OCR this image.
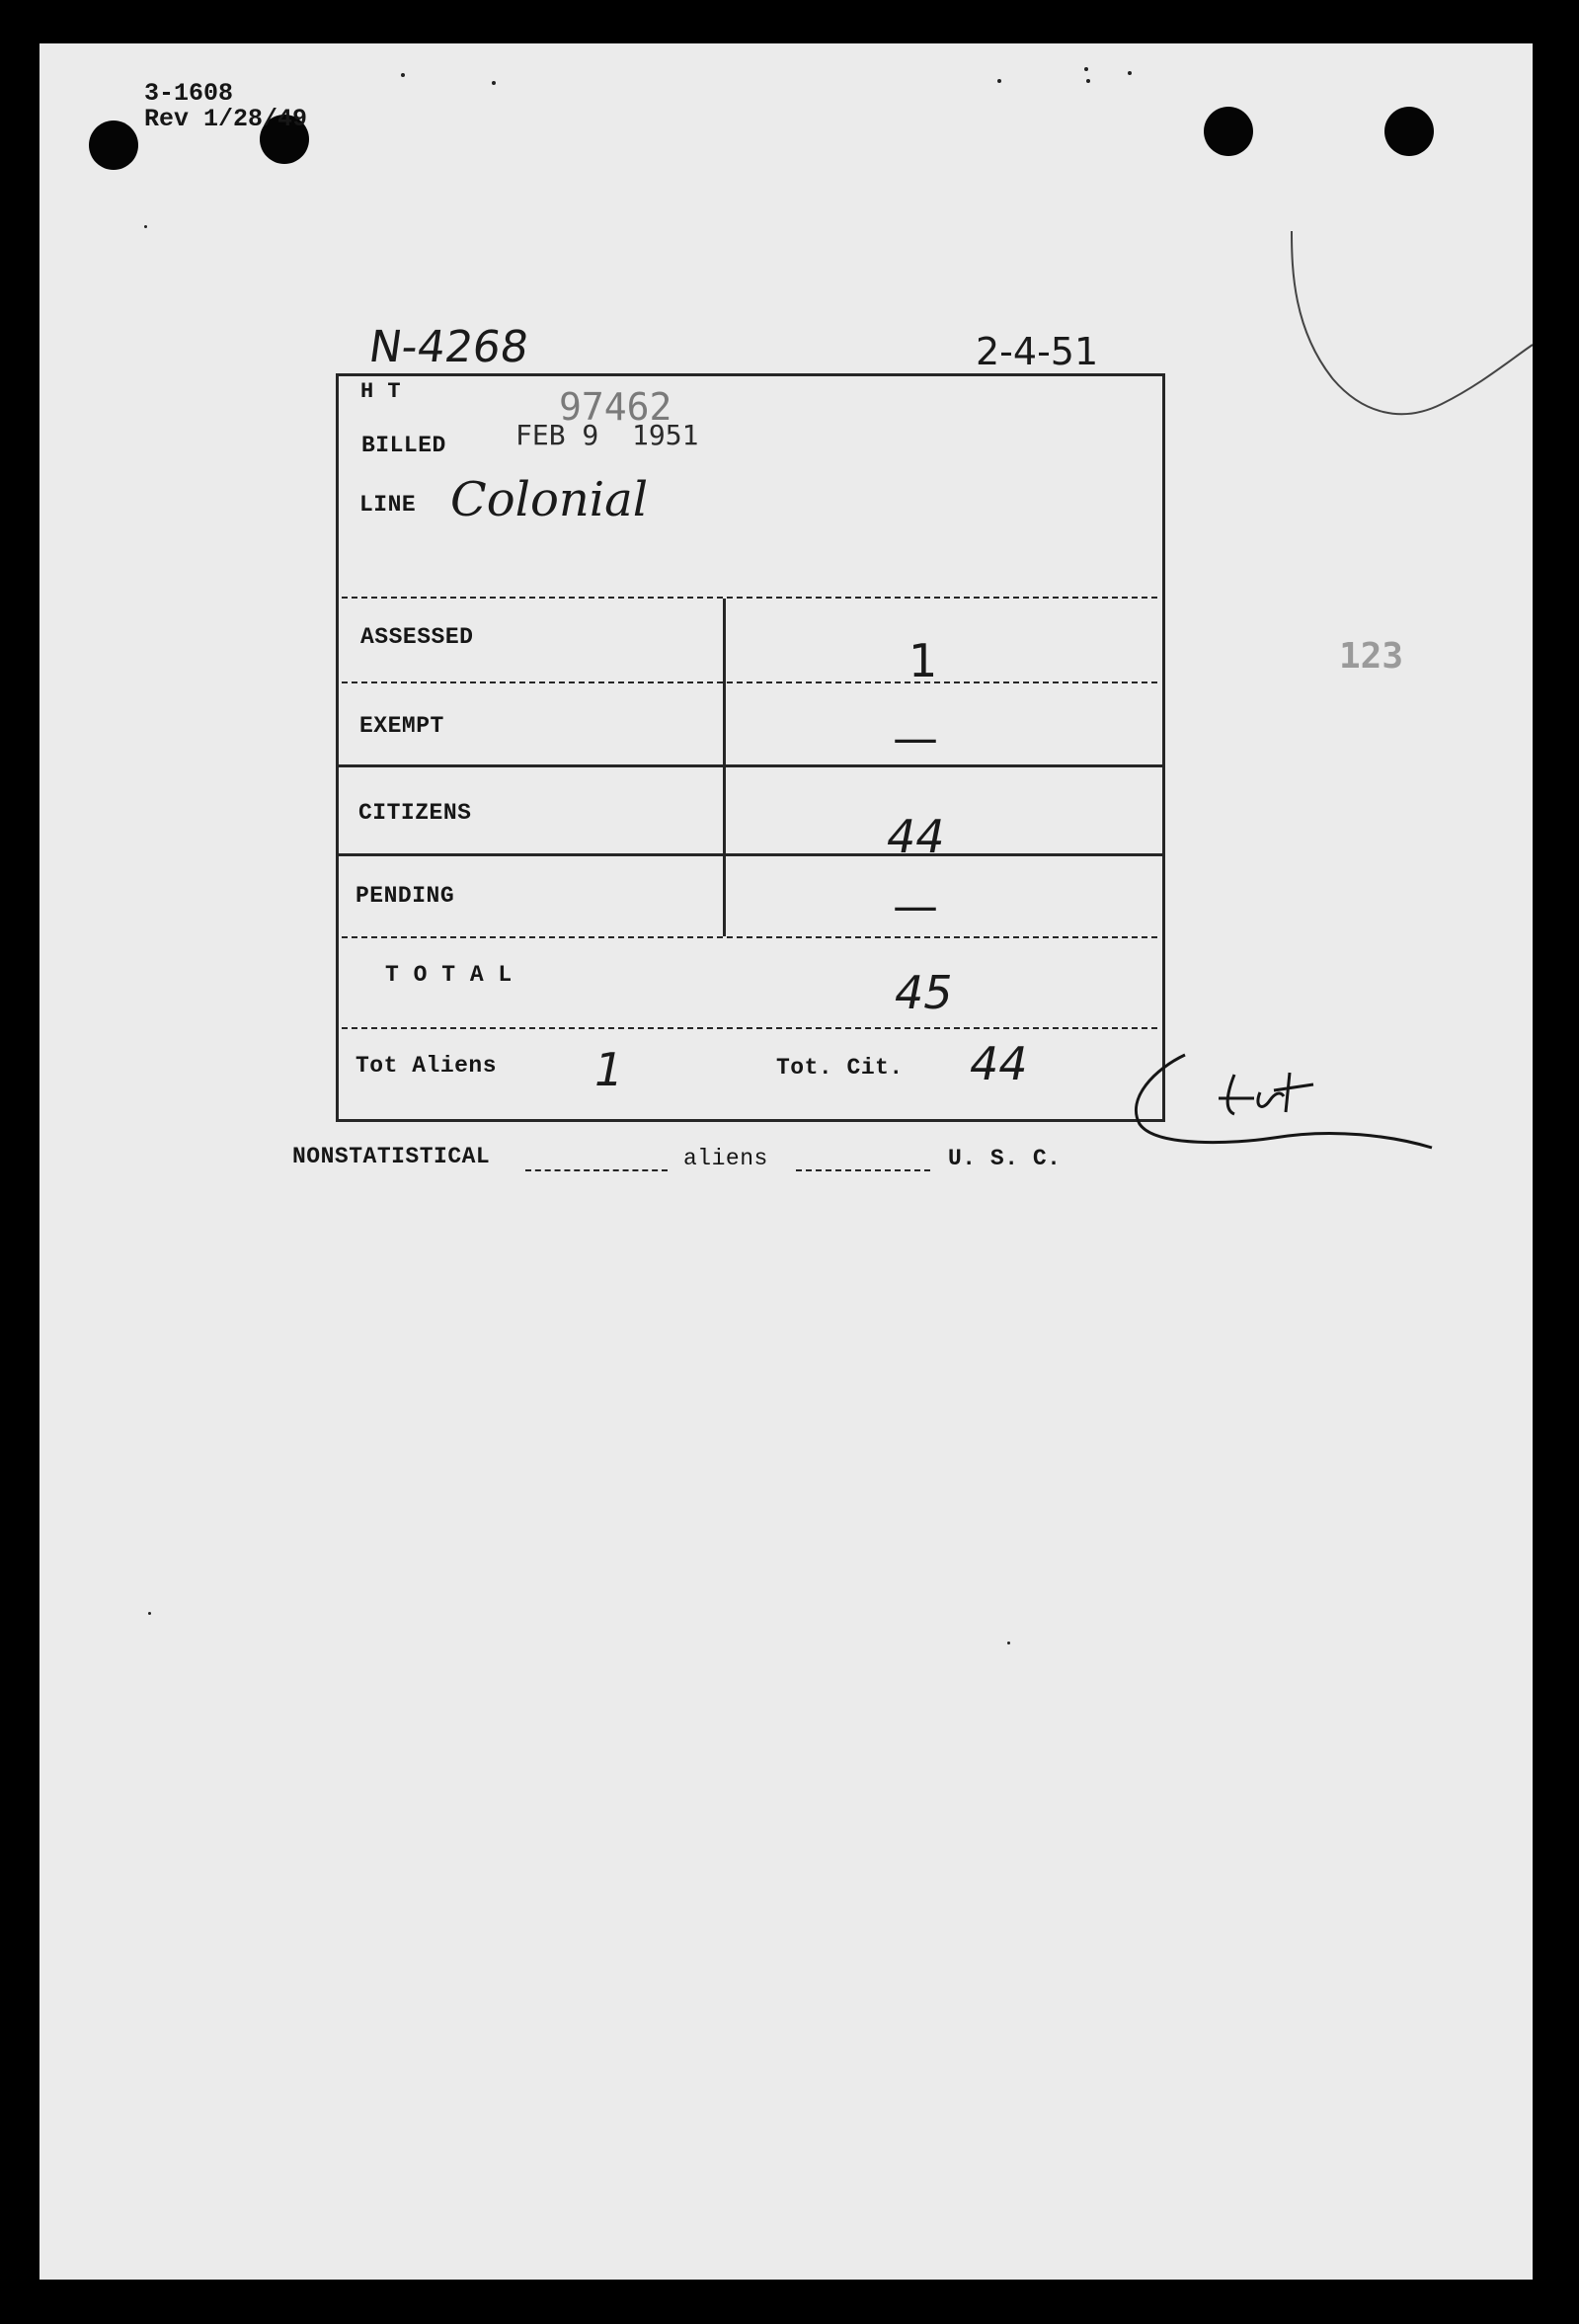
3-1608
Rev 1/28/49
N-4268	2-4-51
123
H T	97462
BILLED	FEB 9  1951
LINE Colonial
ASSESSED	1
EXEMPT	—
CITIZENS	44
PENDING	—
T O T A L	45
Tot Aliens 1	Tot. Cit. 44
NONSTATISTICAL	aliens	U. S. C.
